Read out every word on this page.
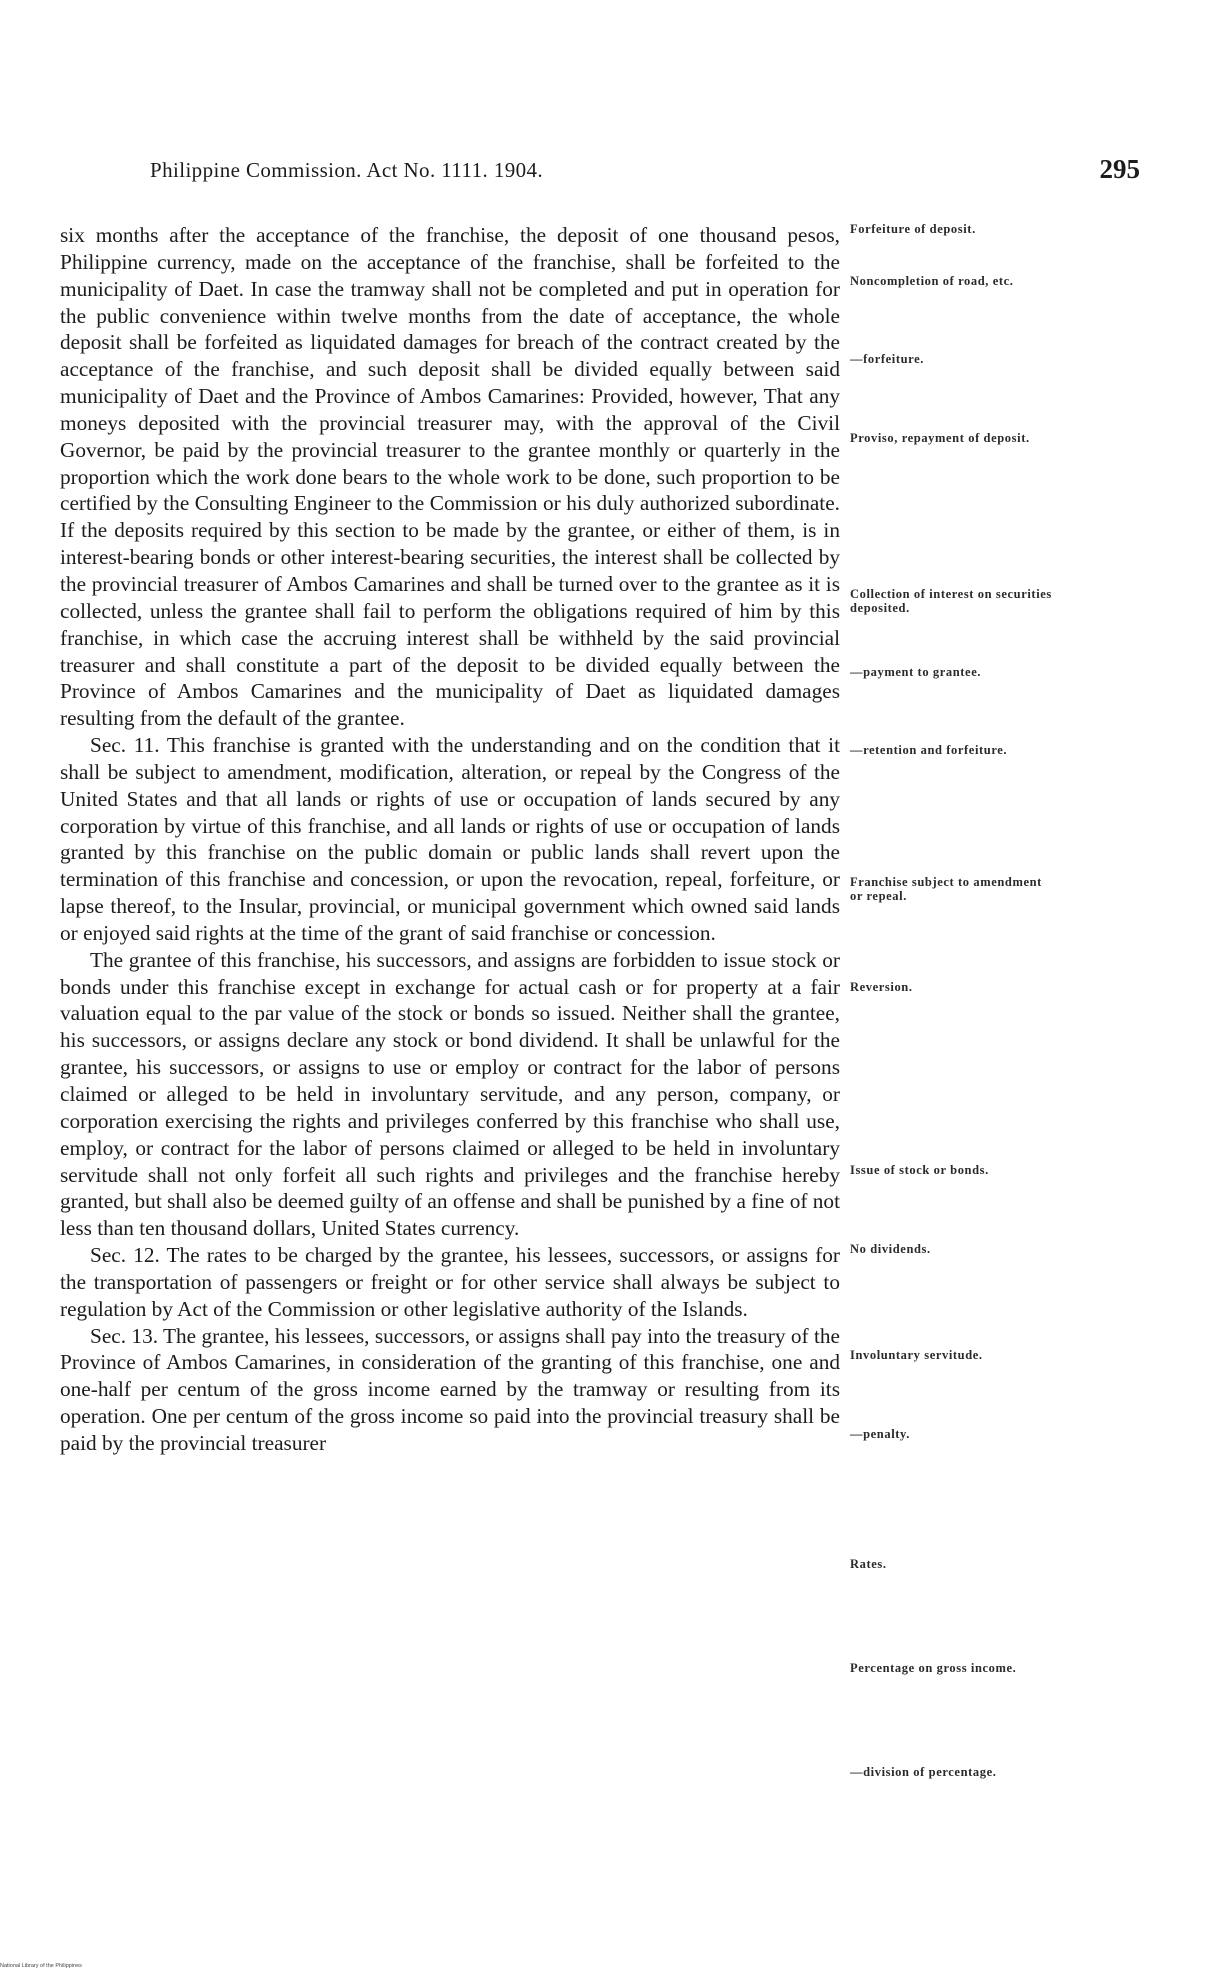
Philippine Commission. Act No. 1111. 1904.	295

six months after the acceptance of the franchise, the deposit of one thousand pesos, Philippine currency, made on the acceptance of the franchise, shall be forfeited to the municipality of Daet. In case the tramway shall not be completed and put in operation for the public convenience within twelve months from the date of acceptance, the whole deposit shall be forfeited as liquidated damages for breach of the contract created by the acceptance of the franchise, and such deposit shall be divided equally between said municipality of Daet and the Province of Ambos Camarines: Provided, however, That any moneys deposited with the provincial treasurer may, with the approval of the Civil Governor, be paid by the provincial treasurer to the grantee monthly or quarterly in the proportion which the work done bears to the whole work to be done, such proportion to be certified by the Consulting Engineer to the Commission or his duly authorized subordinate. If the deposits required by this section to be made by the grantee, or either of them, is in interest-bearing bonds or other interest-bearing securities, the interest shall be collected by the provincial treasurer of Ambos Camarines and shall be turned over to the grantee as it is collected, unless the grantee shall fail to perform the obligations required of him by this franchise, in which case the accruing interest shall be withheld by the said provincial treasurer and shall constitute a part of the deposit to be divided equally between the Province of Ambos Camarines and the municipality of Daet as liquidated damages resulting from the default of the grantee.

Sec. 11. This franchise is granted with the understanding and on the condition that it shall be subject to amendment, modification, alteration, or repeal by the Congress of the United States and that all lands or rights of use or occupation of lands secured by any corporation by virtue of this franchise, and all lands or rights of use or occupation of lands granted by this franchise on the public domain or public lands shall revert upon the termination of this franchise and concession, or upon the revocation, repeal, forfeiture, or lapse thereof, to the Insular, provincial, or municipal government which owned said lands or enjoyed said rights at the time of the grant of said franchise or concession.

The grantee of this franchise, his successors, and assigns are forbidden to issue stock or bonds under this franchise except in exchange for actual cash or for property at a fair valuation equal to the par value of the stock or bonds so issued. Neither shall the grantee, his successors, or assigns declare any stock or bond dividend. It shall be unlawful for the grantee, his successors, or assigns to use or employ or contract for the labor of persons claimed or alleged to be held in involuntary servitude, and any person, company, or corporation exercising the rights and privileges conferred by this franchise who shall use, employ, or contract for the labor of persons claimed or alleged to be held in involuntary servitude shall not only forfeit all such rights and privileges and the franchise hereby granted, but shall also be deemed guilty of an offense and shall be punished by a fine of not less than ten thousand dollars, United States currency.

Sec. 12. The rates to be charged by the grantee, his lessees, successors, or assigns for the transportation of passengers or freight or for other service shall always be subject to regulation by Act of the Commission or other legislative authority of the Islands.

Sec. 13. The grantee, his lessees, successors, or assigns shall pay into the treasury of the Province of Ambos Camarines, in consideration of the granting of this franchise, one and one-half per centum of the gross income earned by the tramway or resulting from its operation. One per centum of the gross income so paid into the provincial treasury shall be paid by the provincial treasurer

Forfeiture of deposit.
Noncompletion of road, etc.
—forfeiture.
Proviso, repayment of deposit.
Collection of interest on securities deposited.
—payment to grantee.
—retention and forfeiture.
Franchise subject to amendment or repeal.
Reversion.
Issue of stock or bonds.
No dividends.
Involuntary servitude.
—penalty.
Rates.
Percentage on gross income.
—division of percentage.
National Library of the Philippines
